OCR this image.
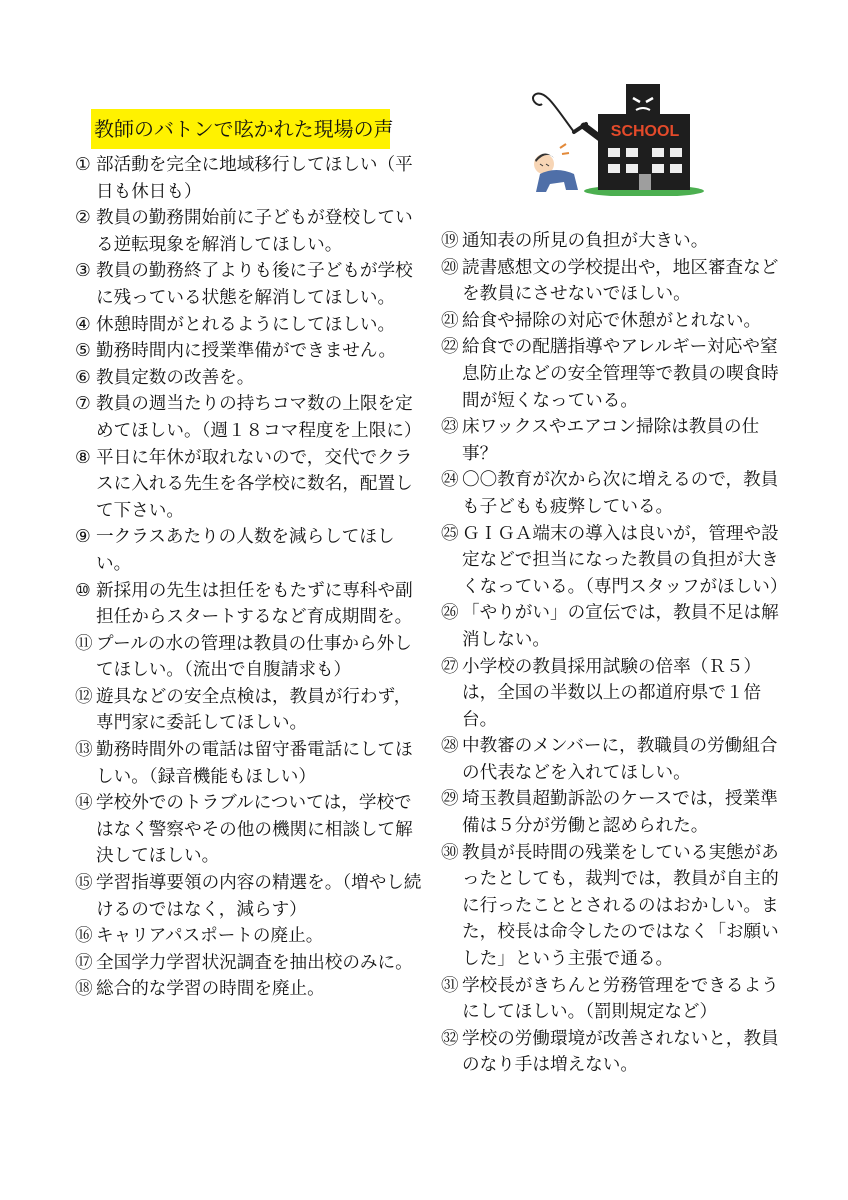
教師のバトンで呟かれた現場の声	SCHOOL
① 部活動を完全に地域移行してほしい（平日も休日も）
② 教員の勤務開始前に子どもが登校している逆転現象を解消してほしい。
③ 教員の勤務終了よりも後に子どもが学校に残っている状態を解消してほしい。
④ 休憩時間がとれるようにしてほしい。
⑤ 勤務時間内に授業準備ができません。
⑥ 教員定数の改善を。
⑦ 教員の週当たりの持ちコマ数の上限を定めてほしい。（週１８コマ程度を上限に）
⑧ 平日に年休が取れないので，交代でクラスに入れる先生を各学校に数名，配置して下さい。
⑨ 一クラスあたりの人数を減らしてほしい。
⑩ 新採用の先生は担任をもたずに専科や副担任からスタートするなど育成期間を。
⑪ プールの水の管理は教員の仕事から外してほしい。（流出で自腹請求も）
⑫ 遊具などの安全点検は，教員が行わず，専門家に委託してほしい。
⑬ 勤務時間外の電話は留守番電話にしてほしい。（録音機能もほしい）
⑭ 学校外でのトラブルについては，学校ではなく警察やその他の機関に相談して解決してほしい。
⑮ 学習指導要領の内容の精選を。（増やし続けるのではなく，減らす）
⑯ キャリアパスポートの廃止。
⑰ 全国学力学習状況調査を抽出校のみに。
⑱ 総合的な学習の時間を廃止。
⑲ 通知表の所見の負担が大きい。
⑳ 読書感想文の学校提出や，地区審査などを教員にさせないでほしい。
㉑ 給食や掃除の対応で休憩がとれない。
㉒ 給食での配膳指導やアレルギー対応や窒息防止などの安全管理等で教員の喫食時間が短くなっている。
㉓ 床ワックスやエアコン掃除は教員の仕事？
㉔ 〇〇教育が次から次に増えるので，教員も子どもも疲弊している。
㉕ ＧＩＧＡ端末の導入は良いが，管理や設定などで担当になった教員の負担が大きくなっている。（専門スタッフがほしい）
㉖ 「やりがい」の宣伝では，教員不足は解消しない。
㉗ 小学校の教員採用試験の倍率（Ｒ５）は，全国の半数以上の都道府県で１倍台。
㉘ 中教審のメンバーに，教職員の労働組合の代表などを入れてほしい。
㉙ 埼玉教員超勤訴訟のケースでは，授業準備は５分が労働と認められた。
㉚ 教員が長時間の残業をしている実態があったとしても，裁判では，教員が自主的に行ったこととされるのはおかしい。また，校長は命令したのではなく「お願いした」という主張で通る。
㉛ 学校長がきちんと労務管理をできるようにしてほしい。（罰則規定など）
㉜ 学校の労働環境が改善されないと，教員のなり手は増えない。
